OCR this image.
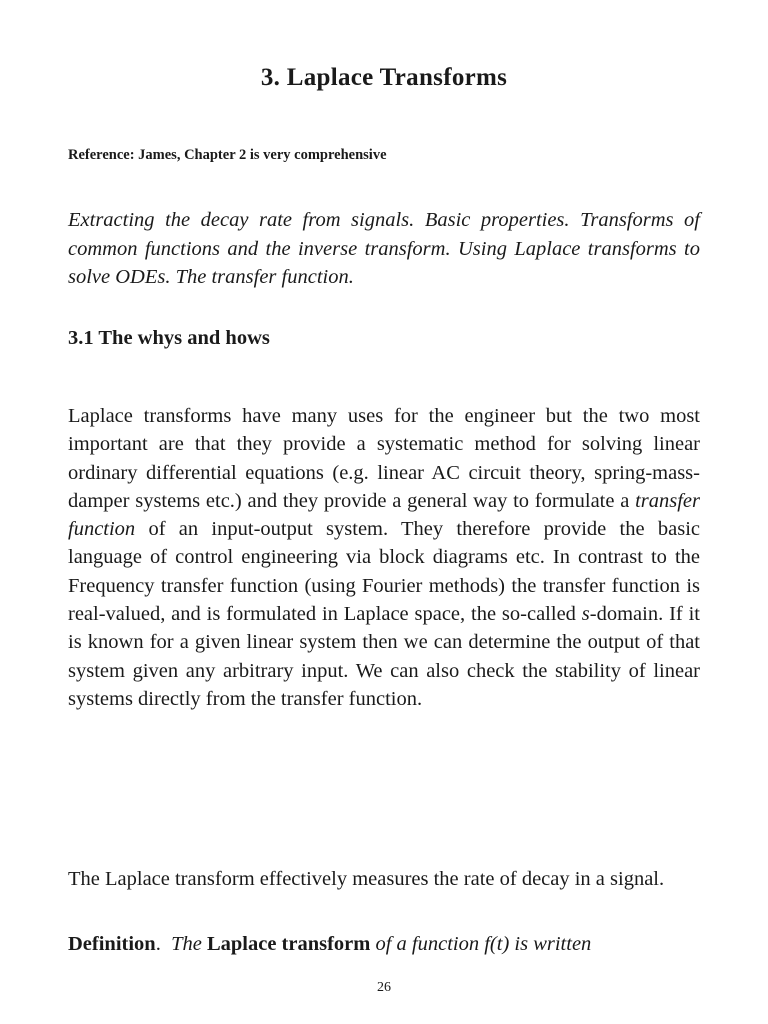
3. Laplace Transforms

Reference: James, Chapter 2 is very comprehensive

Extracting the decay rate from signals. Basic properties. Transforms of common functions and the inverse transform. Using Laplace transforms to solve ODEs. The transfer function.

3.1 The whys and hows

Laplace transforms have many uses for the engineer but the two most important are that they provide a systematic method for solving linear ordinary differential equations (e.g. linear AC circuit theory, spring-mass-damper systems etc.) and they provide a general way to formulate a transfer function of an input-output system. They therefore provide the basic language of control engineering via block diagrams etc. In contrast to the Frequency transfer function (using Fourier methods) the transfer function is real-valued, and is formulated in Laplace space, the so-called s-domain. If it is known for a given linear system then we can determine the output of that system given any arbitrary input. We can also check the stability of linear systems directly from the transfer function.

The Laplace transform effectively measures the rate of decay in a signal.

Definition. The Laplace transform of a function f(t) is written

26
